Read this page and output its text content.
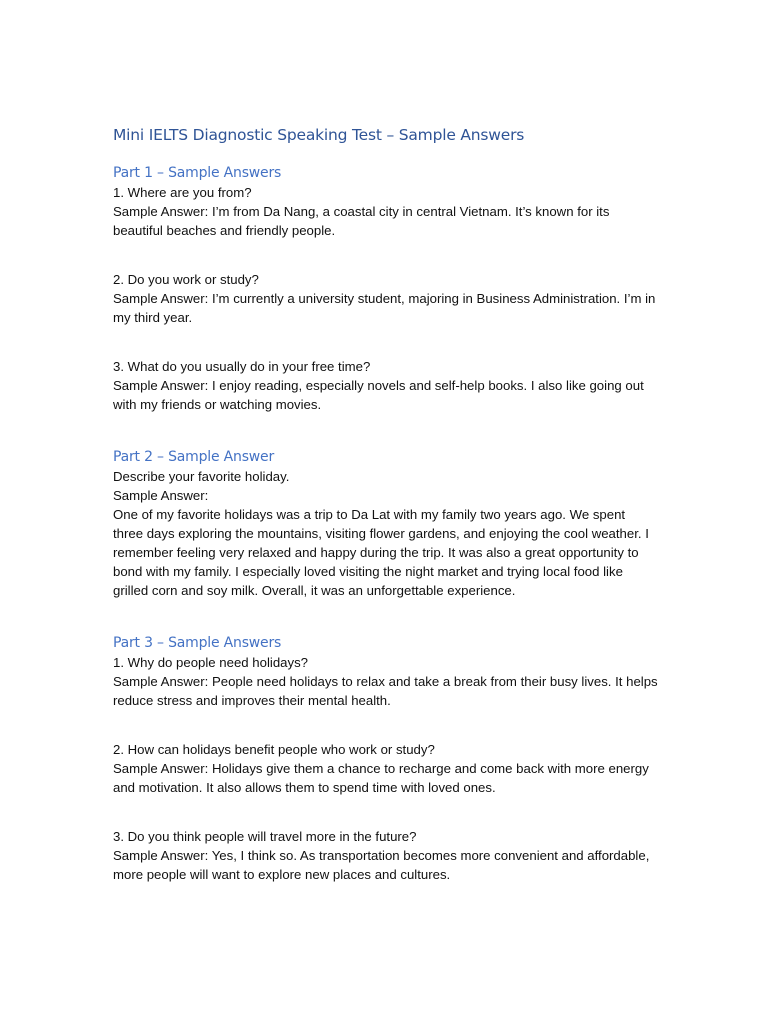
Mini IELTS Diagnostic Speaking Test – Sample Answers
Part 1 – Sample Answers

1. Where are you from?

Sample Answer: I’m from Da Nang, a coastal city in central Vietnam. It’s known for its beautiful beaches and friendly people.

2. Do you work or study?

Sample Answer: I’m currently a university student, majoring in Business Administration. I’m in my third year.

3. What do you usually do in your free time?

Sample Answer: I enjoy reading, especially novels and self-help books. I also like going out with my friends or watching movies.

Part 2 – Sample Answer

Describe your favorite holiday.

Sample Answer:

One of my favorite holidays was a trip to Da Lat with my family two years ago. We spent three days exploring the mountains, visiting flower gardens, and enjoying the cool weather. I remember feeling very relaxed and happy during the trip. It was also a great opportunity to bond with my family. I especially loved visiting the night market and trying local food like grilled corn and soy milk. Overall, it was an unforgettable experience.

Part 3 – Sample Answers

1. Why do people need holidays?

Sample Answer: People need holidays to relax and take a break from their busy lives. It helps reduce stress and improves their mental health.

2. How can holidays benefit people who work or study?

Sample Answer: Holidays give them a chance to recharge and come back with more energy and motivation. It also allows them to spend time with loved ones.

3. Do you think people will travel more in the future?

Sample Answer: Yes, I think so. As transportation becomes more convenient and affordable, more people will want to explore new places and cultures.
